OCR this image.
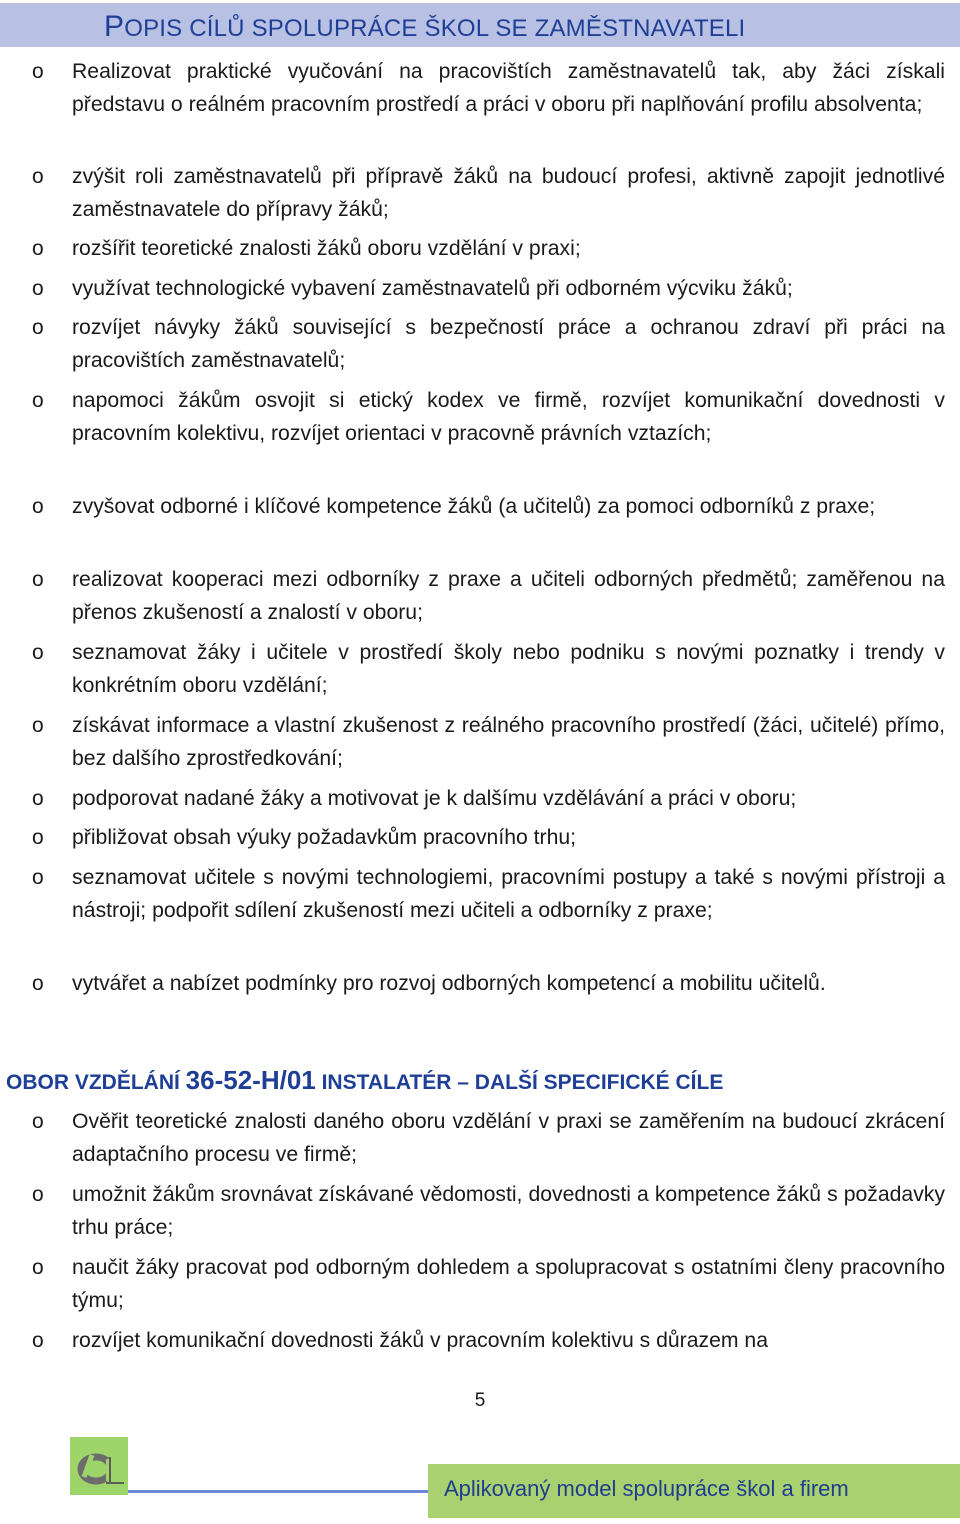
POPIS CÍLŮ SPOLUPRÁCE ŠKOL SE ZAMĚSTNAVATELI
o	Realizovat praktické vyučování na pracovištích zaměstnavatelů tak, aby žáci získali představu o reálném pracovním prostředí a práci v oboru při naplňování profilu absolventa;
o	zvýšit roli zaměstnavatelů při přípravě žáků na budoucí profesi, aktivně zapojit jednotlivé zaměstnavatele do přípravy žáků;
o	rozšířit teoretické znalosti žáků oboru vzdělání v praxi;
o	využívat technologické vybavení zaměstnavatelů při odborném výcviku žáků;
o	rozvíjet návyky žáků související s bezpečností práce a ochranou zdraví při práci na pracovištích zaměstnavatelů;
o	napomoci žákům osvojit si etický kodex ve firmě, rozvíjet komunikační dovednosti v pracovním kolektivu, rozvíjet orientaci v pracovně právních vztazích;
o	zvyšovat odborné i klíčové kompetence žáků (a učitelů) za pomoci odborníků z praxe;
o	realizovat kooperaci mezi odborníky z praxe a učiteli odborných předmětů; zaměřenou na přenos zkušeností a znalostí v oboru;
o	seznamovat žáky i učitele v prostředí školy nebo podniku s novými poznatky i trendy v konkrétním oboru vzdělání;
o	získávat informace a vlastní zkušenost z reálného pracovního prostředí (žáci, učitelé) přímo, bez dalšího zprostředkování;
o	podporovat nadané žáky a motivovat je k dalšímu vzdělávání a práci v oboru;
o	přibližovat obsah výuky požadavkům pracovního trhu;
o	seznamovat učitele s novými technologiemi, pracovními postupy a také s novými přístroji a nástroji; podpořit sdílení zkušeností mezi učiteli a odborníky z praxe;
o	vytvářet a nabízet podmínky pro rozvoj odborných kompetencí a mobilitu učitelů.
OBOR VZDĚLÁNÍ 36-52-H/01 INSTALATÉR – DALŠÍ SPECIFICKÉ CÍLE
o	Ověřit teoretické znalosti daného oboru vzdělání v praxi se zaměřením na budoucí zkrácení adaptačního procesu ve firmě;
o	umožnit žákům srovnávat získávané vědomosti, dovednosti a kompetence žáků s požadavky trhu práce;
o	naučit žáky pracovat pod odborným dohledem a spolupracovat s ostatními členy pracovního týmu;
o	rozvíjet komunikační dovednosti žáků v pracovním kolektivu s důrazem na
5
Aplikovaný model spolupráce škol a firem
